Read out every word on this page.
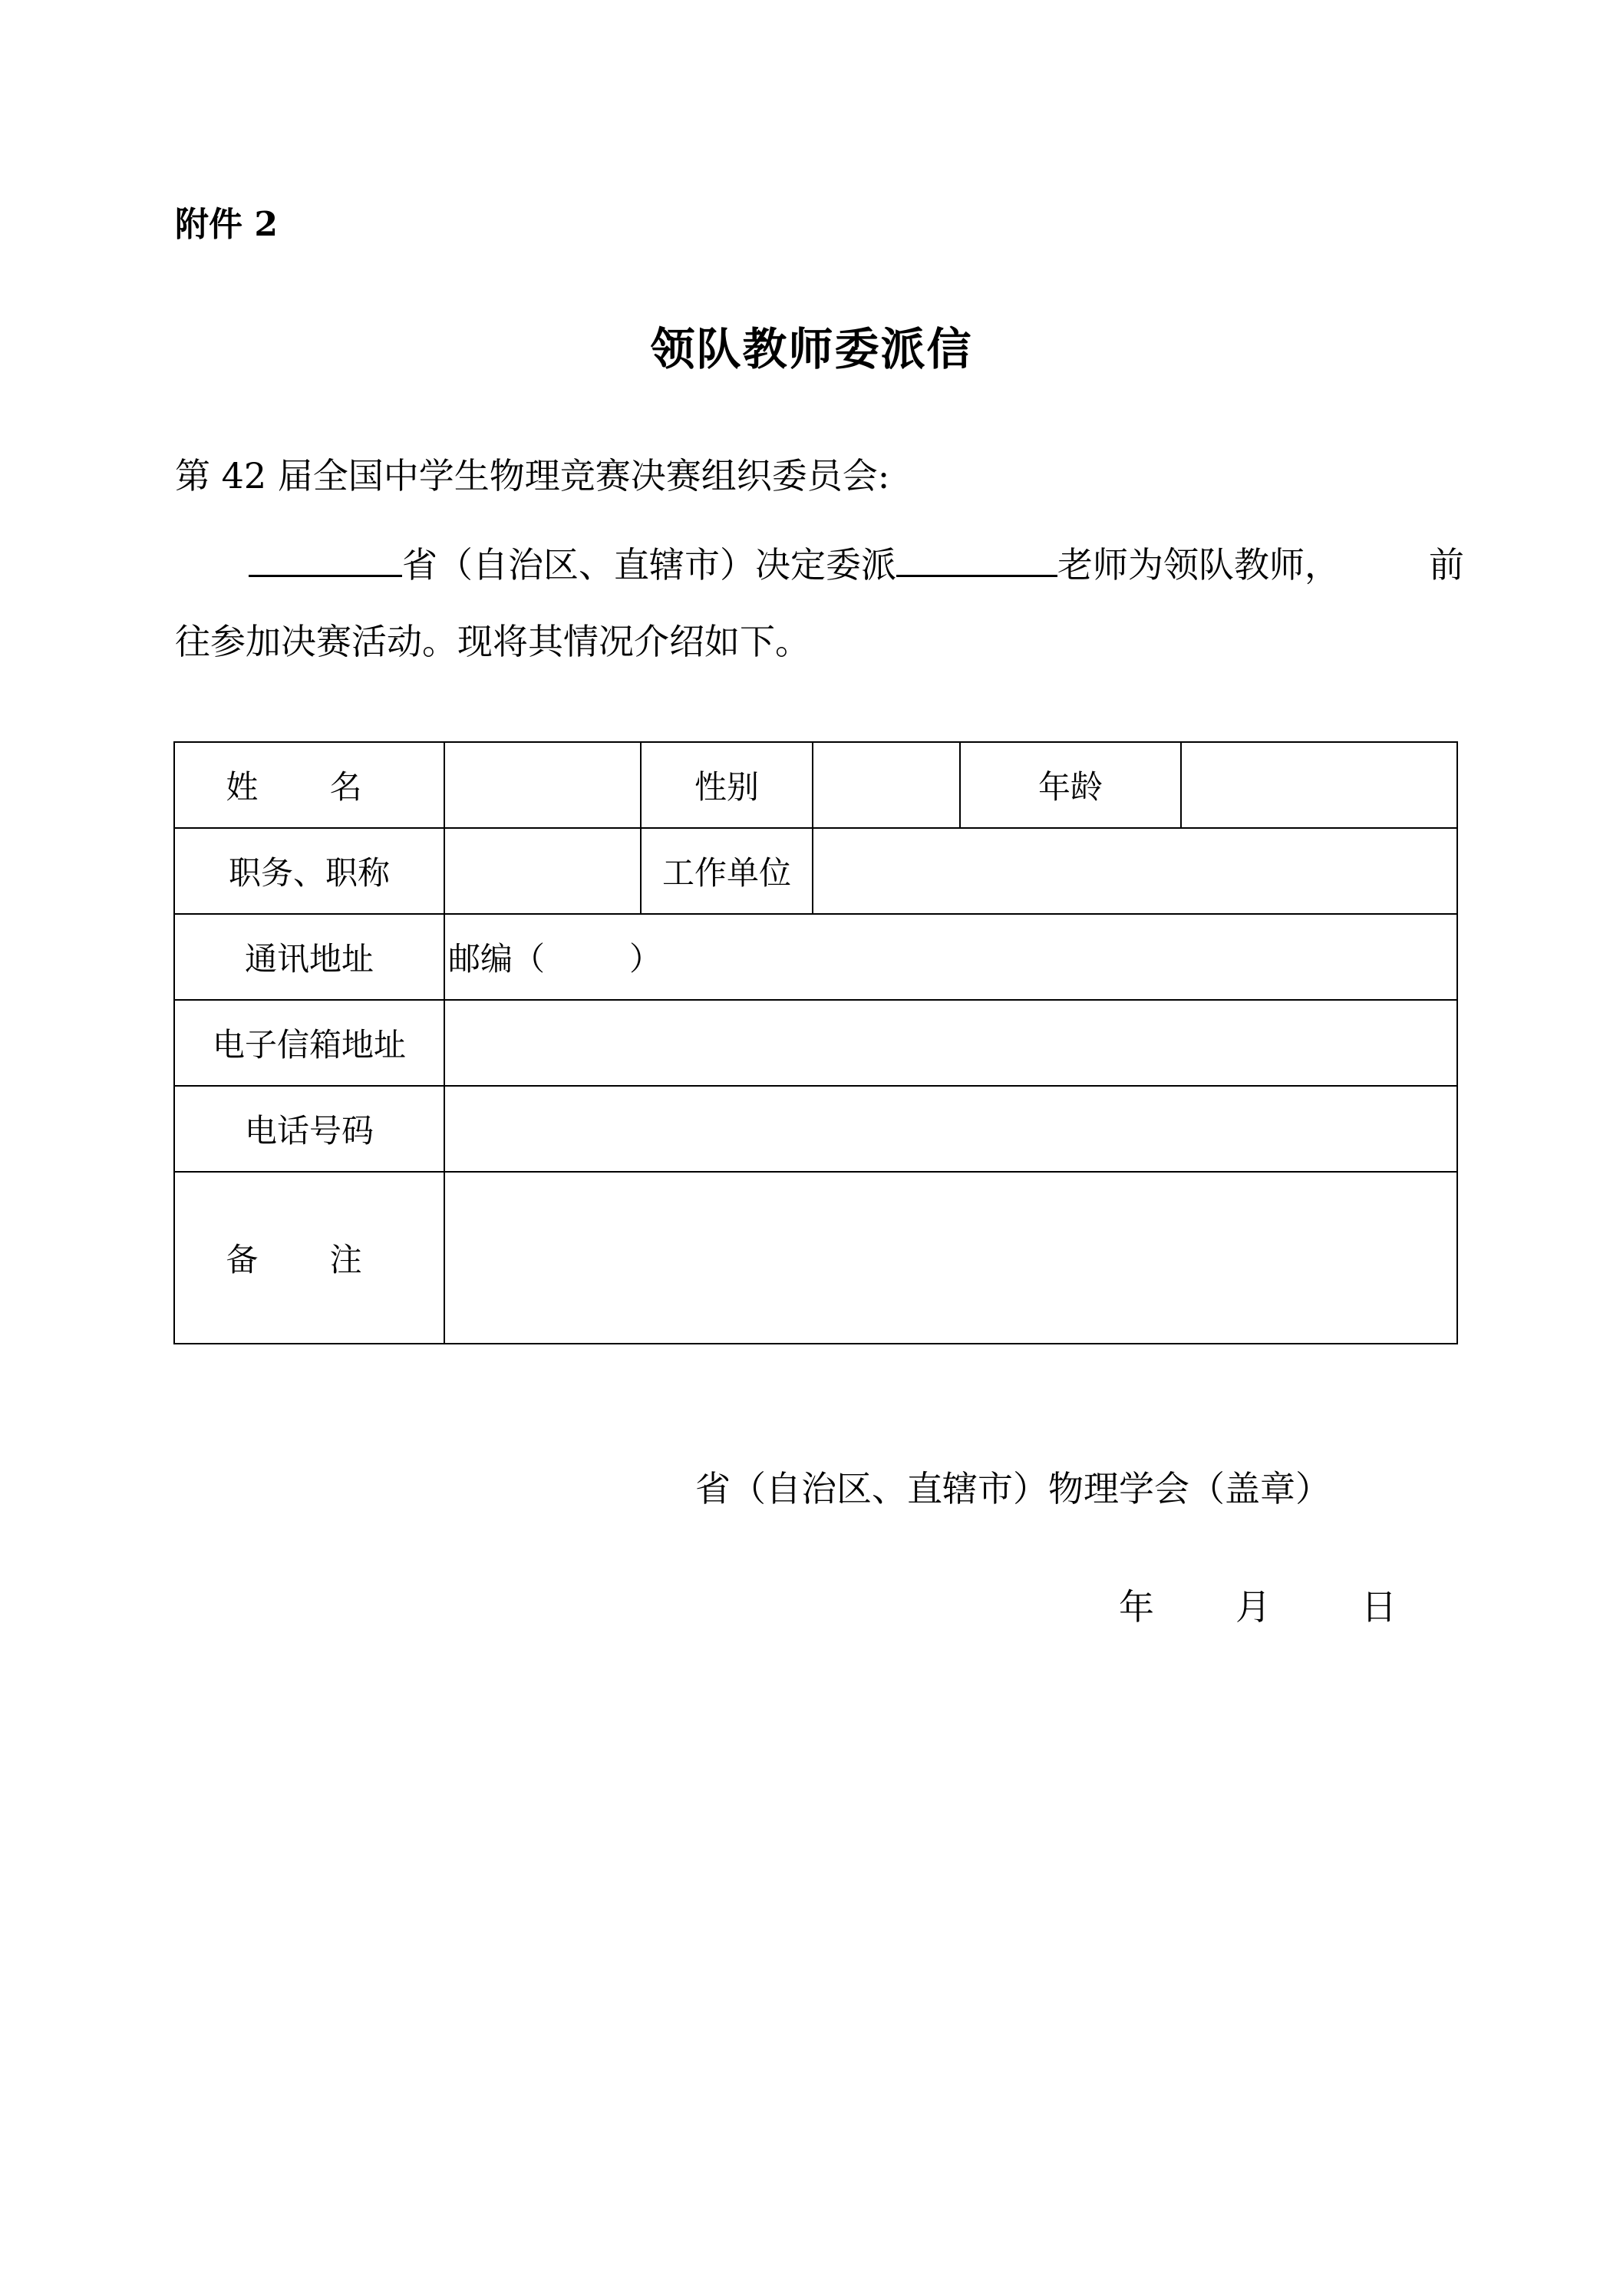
附件 2
领队教师委派信
第 42 届全国中学生物理竞赛决赛组织委员会:
省（自治区、直辖市）决定委派	老师为领队教师，	前
往参加决赛活动。现将其情况介绍如下。
姓 名		性别		年龄	
职务、职称		工作单位			
通讯地址	邮编（ ）				
电子信箱地址					
电话号码					
备 注					
省（自治区、直辖市）物理学会（盖章）
年 月	日
